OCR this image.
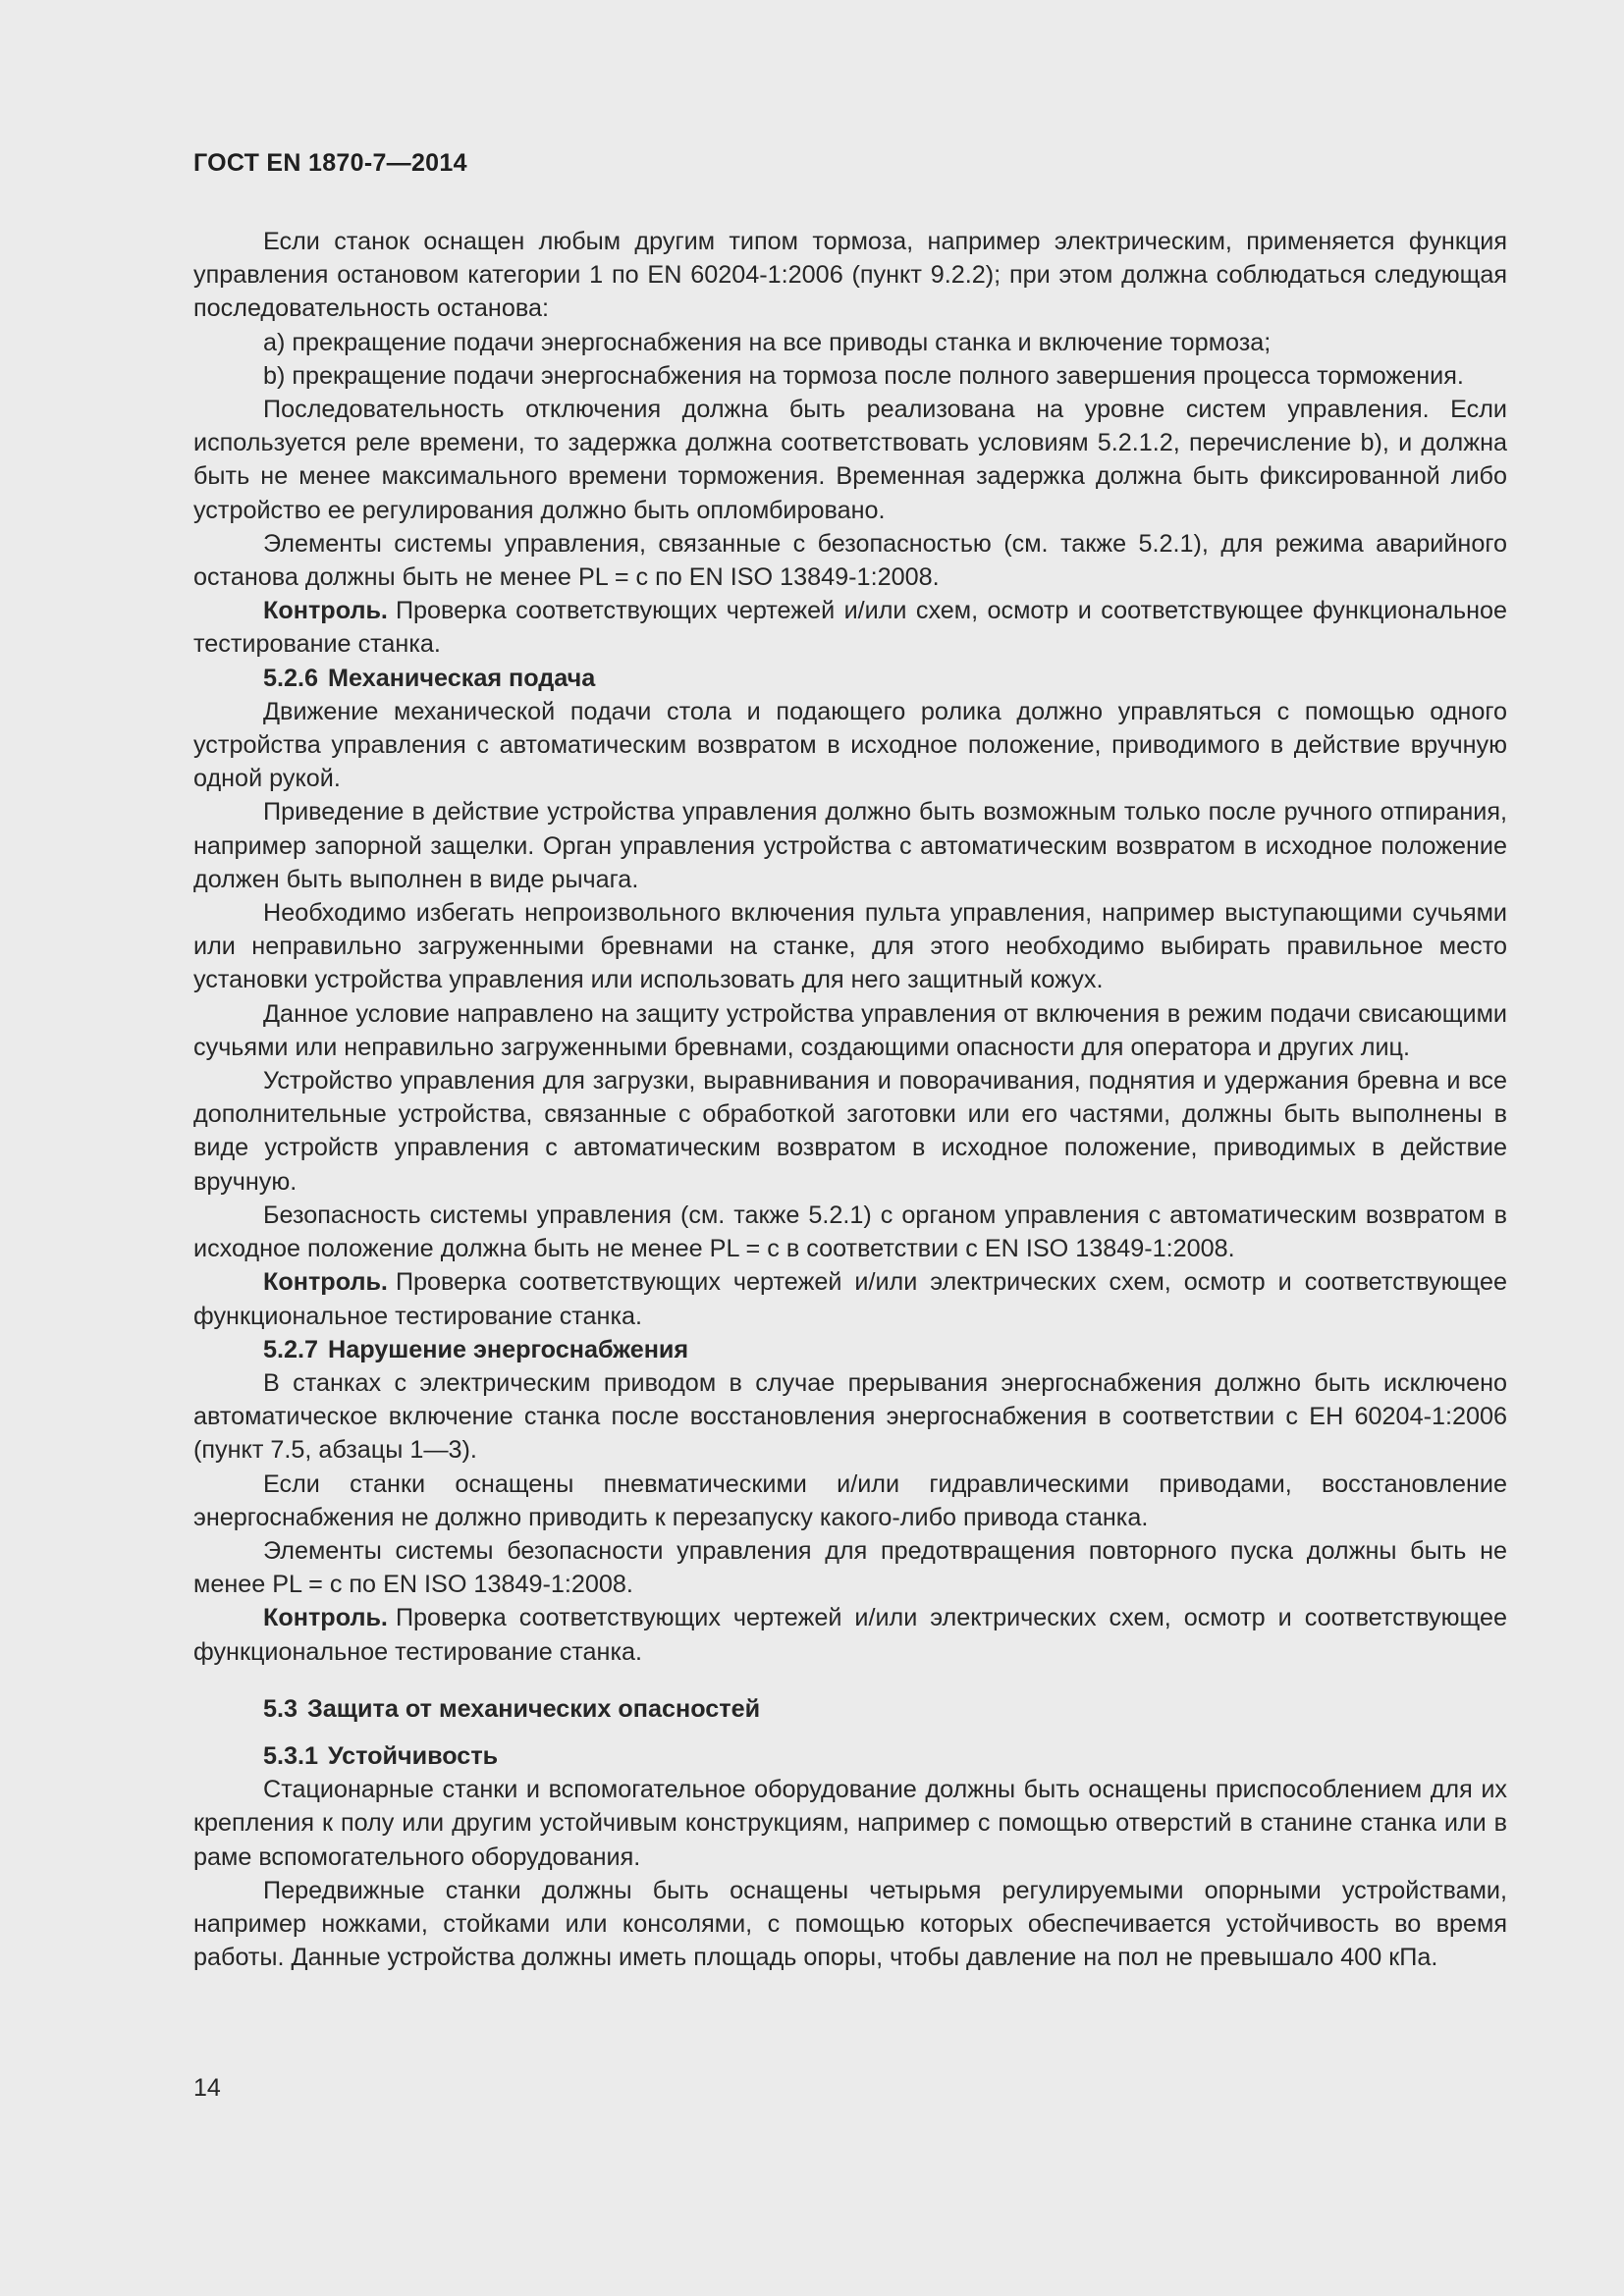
ГОСТ EN 1870-7—2014

Если станок оснащен любым другим типом тормоза, например электрическим, применяется функция управления остановом категории 1 по EN 60204-1:2006 (пункт 9.2.2); при этом должна соблюдаться следующая последовательность останова:

a) прекращение подачи энергоснабжения на все приводы станка и включение тормоза;

b) прекращение подачи энергоснабжения на тормоза после полного завершения процесса торможения.

Последовательность отключения должна быть реализована на уровне систем управления. Если используется реле времени, то задержка должна соответствовать условиям 5.2.1.2, перечисление b), и должна быть не менее максимального времени торможения. Временная задержка должна быть фиксированной либо устройство ее регулирования должно быть опломбировано.

Элементы системы управления, связанные с безопасностью (см. также 5.2.1), для режима аварийного останова должны быть не менее PL = c по EN ISO 13849-1:2008.

Контроль. Проверка соответствующих чертежей и/или схем, осмотр и соответствующее функциональное тестирование станка.

5.2.6 Механическая подача

Движение механической подачи стола и подающего ролика должно управляться с помощью одного устройства управления с автоматическим возвратом в исходное положение, приводимого в действие вручную одной рукой.

Приведение в действие устройства управления должно быть возможным только после ручного отпирания, например запорной защелки. Орган управления устройства с автоматическим возвратом в исходное положение должен быть выполнен в виде рычага.

Необходимо избегать непроизвольного включения пульта управления, например выступающими сучьями или неправильно загруженными бревнами на станке, для этого необходимо выбирать правильное место установки устройства управления или использовать для него защитный кожух.

Данное условие направлено на защиту устройства управления от включения в режим подачи свисающими сучьями или неправильно загруженными бревнами, создающими опасности для оператора и других лиц.

Устройство управления для загрузки, выравнивания и поворачивания, поднятия и удержания бревна и все дополнительные устройства, связанные с обработкой заготовки или его частями, должны быть выполнены в виде устройств управления с автоматическим возвратом в исходное положение, приводимых в действие вручную.

Безопасность системы управления (см. также 5.2.1) с органом управления с автоматическим возвратом в исходное положение должна быть не менее PL = c в соответствии с EN ISO 13849-1:2008.

Контроль. Проверка соответствующих чертежей и/или электрических схем, осмотр и соответствующее функциональное тестирование станка.

5.2.7 Нарушение энергоснабжения

В станках с электрическим приводом в случае прерывания энергоснабжения должно быть исключено автоматическое включение станка после восстановления энергоснабжения в соответствии с ЕН 60204-1:2006 (пункт 7.5, абзацы 1—3).

Если станки оснащены пневматическими и/или гидравлическими приводами, восстановление энергоснабжения не должно приводить к перезапуску какого-либо привода станка.

Элементы системы безопасности управления для предотвращения повторного пуска должны быть не менее PL = c по EN ISO 13849-1:2008.

Контроль. Проверка соответствующих чертежей и/или электрических схем, осмотр и соответствующее функциональное тестирование станка.

5.3 Защита от механических опасностей

5.3.1 Устойчивость

Стационарные станки и вспомогательное оборудование должны быть оснащены приспособлением для их крепления к полу или другим устойчивым конструкциям, например с помощью отверстий в станине станка или в раме вспомогательного оборудования.

Передвижные станки должны быть оснащены четырьмя регулируемыми опорными устройствами, например ножками, стойками или консолями, с помощью которых обеспечивается устойчивость во время работы. Данные устройства должны иметь площадь опоры, чтобы давление на пол не превышало 400 кПа.

14
